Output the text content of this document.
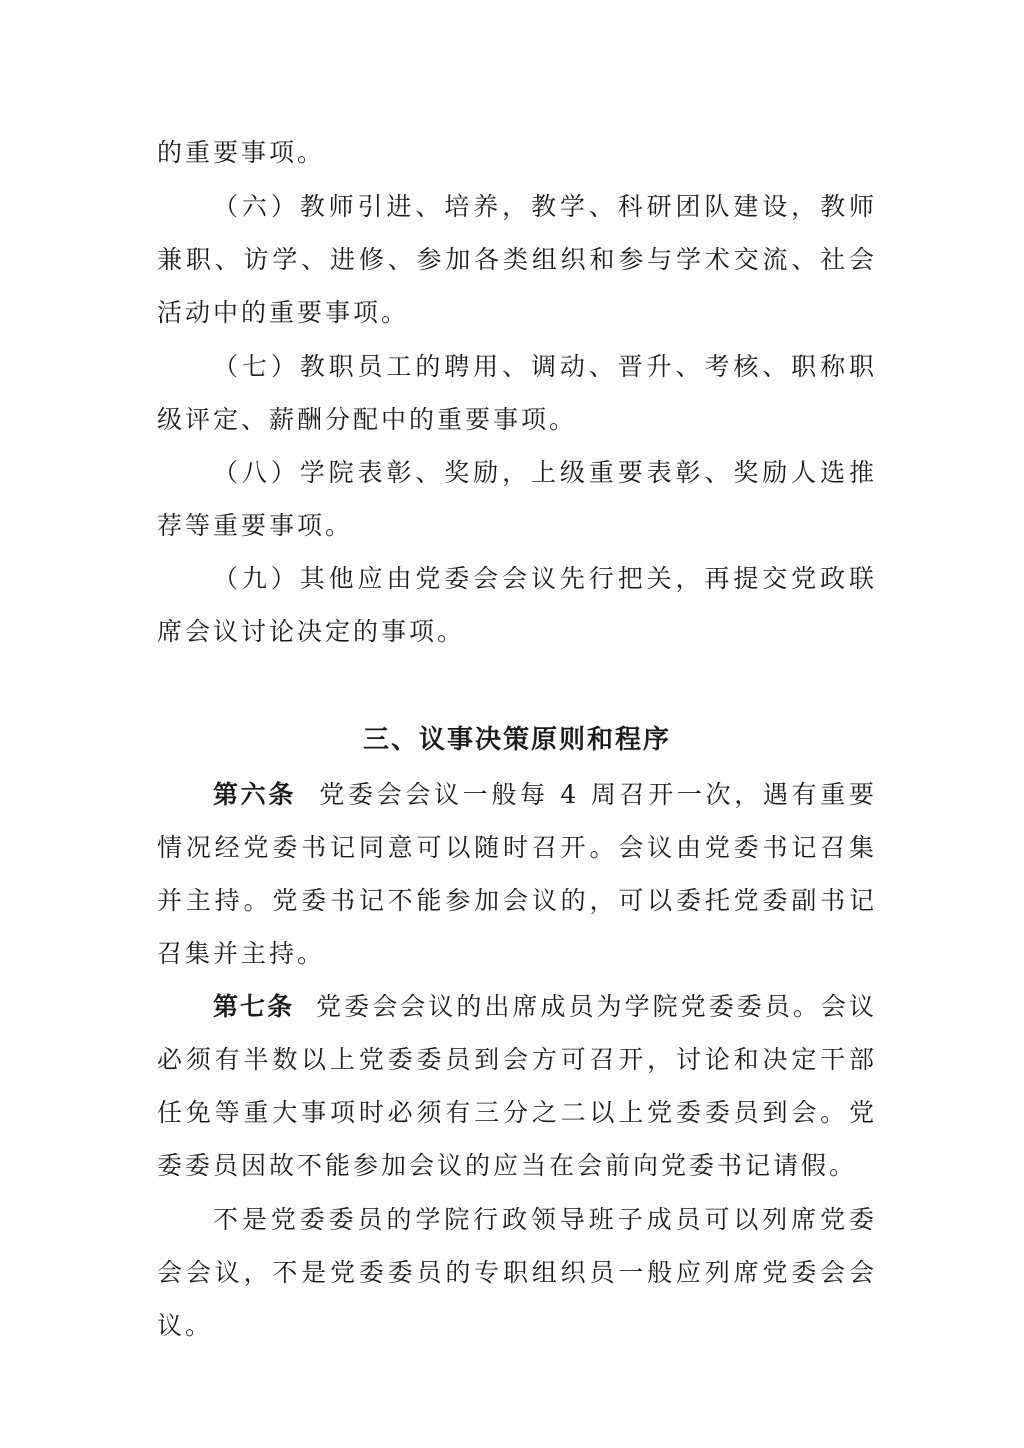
的重要事项。

（六）教师引进、培养，教学、科研团队建设，教师兼职、访学、进修、参加各类组织和参与学术交流、社会活动中的重要事项。

（七）教职员工的聘用、调动、晋升、考核、职称职级评定、薪酬分配中的重要事项。

（八）学院表彰、奖励，上级重要表彰、奖励人选推荐等重要事项。

（九）其他应由党委会会议先行把关，再提交党政联席会议讨论决定的事项。

三、议事决策原则和程序

第六条 党委会会议一般每 4 周召开一次，遇有重要情况经党委书记同意可以随时召开。会议由党委书记召集并主持。党委书记不能参加会议的，可以委托党委副书记召集并主持。

第七条 党委会会议的出席成员为学院党委委员。会议必须有半数以上党委委员到会方可召开，讨论和决定干部任免等重大事项时必须有三分之二以上党委委员到会。党委委员因故不能参加会议的应当在会前向党委书记请假。

不是党委委员的学院行政领导班子成员可以列席党委会会议，不是党委委员的专职组织员一般应列席党委会会议。
